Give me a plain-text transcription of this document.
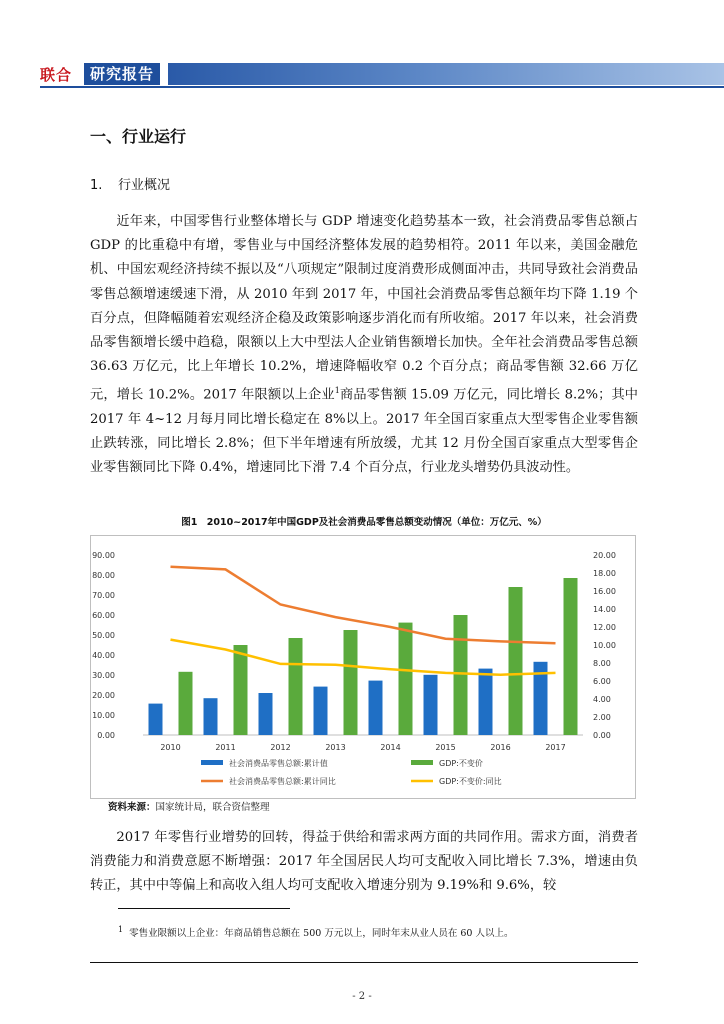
联合	研究报告
一、行业运行
1. 行业概况

近年来，中国零售行业整体增长与 GDP 增速变化趋势基本一致，社会消费品零售总额占 GDP 的比重稳中有增，零售业与中国经济整体发展的趋势相符。2011 年以来，美国金融危机、中国宏观经济持续不振以及“八项规定”限制过度消费形成侧面冲击，共同导致社会消费品零售总额增速缓速下滑，从 2010 年到 2017 年，中国社会消费品零售总额年均下降 1.19 个百分点，但降幅随着宏观经济企稳及政策影响逐步消化而有所收缩。2017 年以来，社会消费品零售额增长缓中趋稳，限额以上大中型法人企业销售额增长加快。全年社会消费品零售总额 36.63 万亿元，比上年增长 10.2%，增速降幅收窄 0.2 个百分点；商品零售额 32.66 万亿元，增长 10.2%。2017 年限额以上企业$^1$商品零售额 15.09 万亿元，同比增长 8.2%；其中 2017 年 4~12 月每月同比增长稳定在 8%以上。2017 年全国百家重点大型零售企业零售额止跌转涨，同比增长 2.8%；但下半年增速有所放缓，尤其 12 月份全国百家重点大型零售企业零售额同比下降 0.4%，增速同比下滑 7.4 个百分点，行业龙头增势仍具波动性。

图1　2010~2017年中国GDP及社会消费品零售总额变动情况（单位：万亿元、%）
0.00
10.00
20.00
30.00
40.00
50.00
60.00
70.00
80.00
90.00
0.00
2.00
4.00
6.00
8.00
10.00
12.00
14.00
16.00
18.00
20.00
2010	2011	2012	2013	2014	2015	2016	2017
社会消费品零售总额:累计值	GDP:不变价
社会消费品零售总额:累计同比	GDP:不变价:同比
资料来源：国家统计局，联合资信整理

2017 年零售行业增势的回转，得益于供给和需求两方面的共同作用。需求方面，消费者消费能力和消费意愿不断增强：2017 年全国居民人均可支配收入同比增长 7.3%，增速由负转正，其中中等偏上和高收入组人均可支配收入增速分别为 9.19%和 9.6%，较

$^1$ 零售业限额以上企业：年商品销售总额在 500 万元以上，同时年末从业人员在 60 人以上。
- 2 -
